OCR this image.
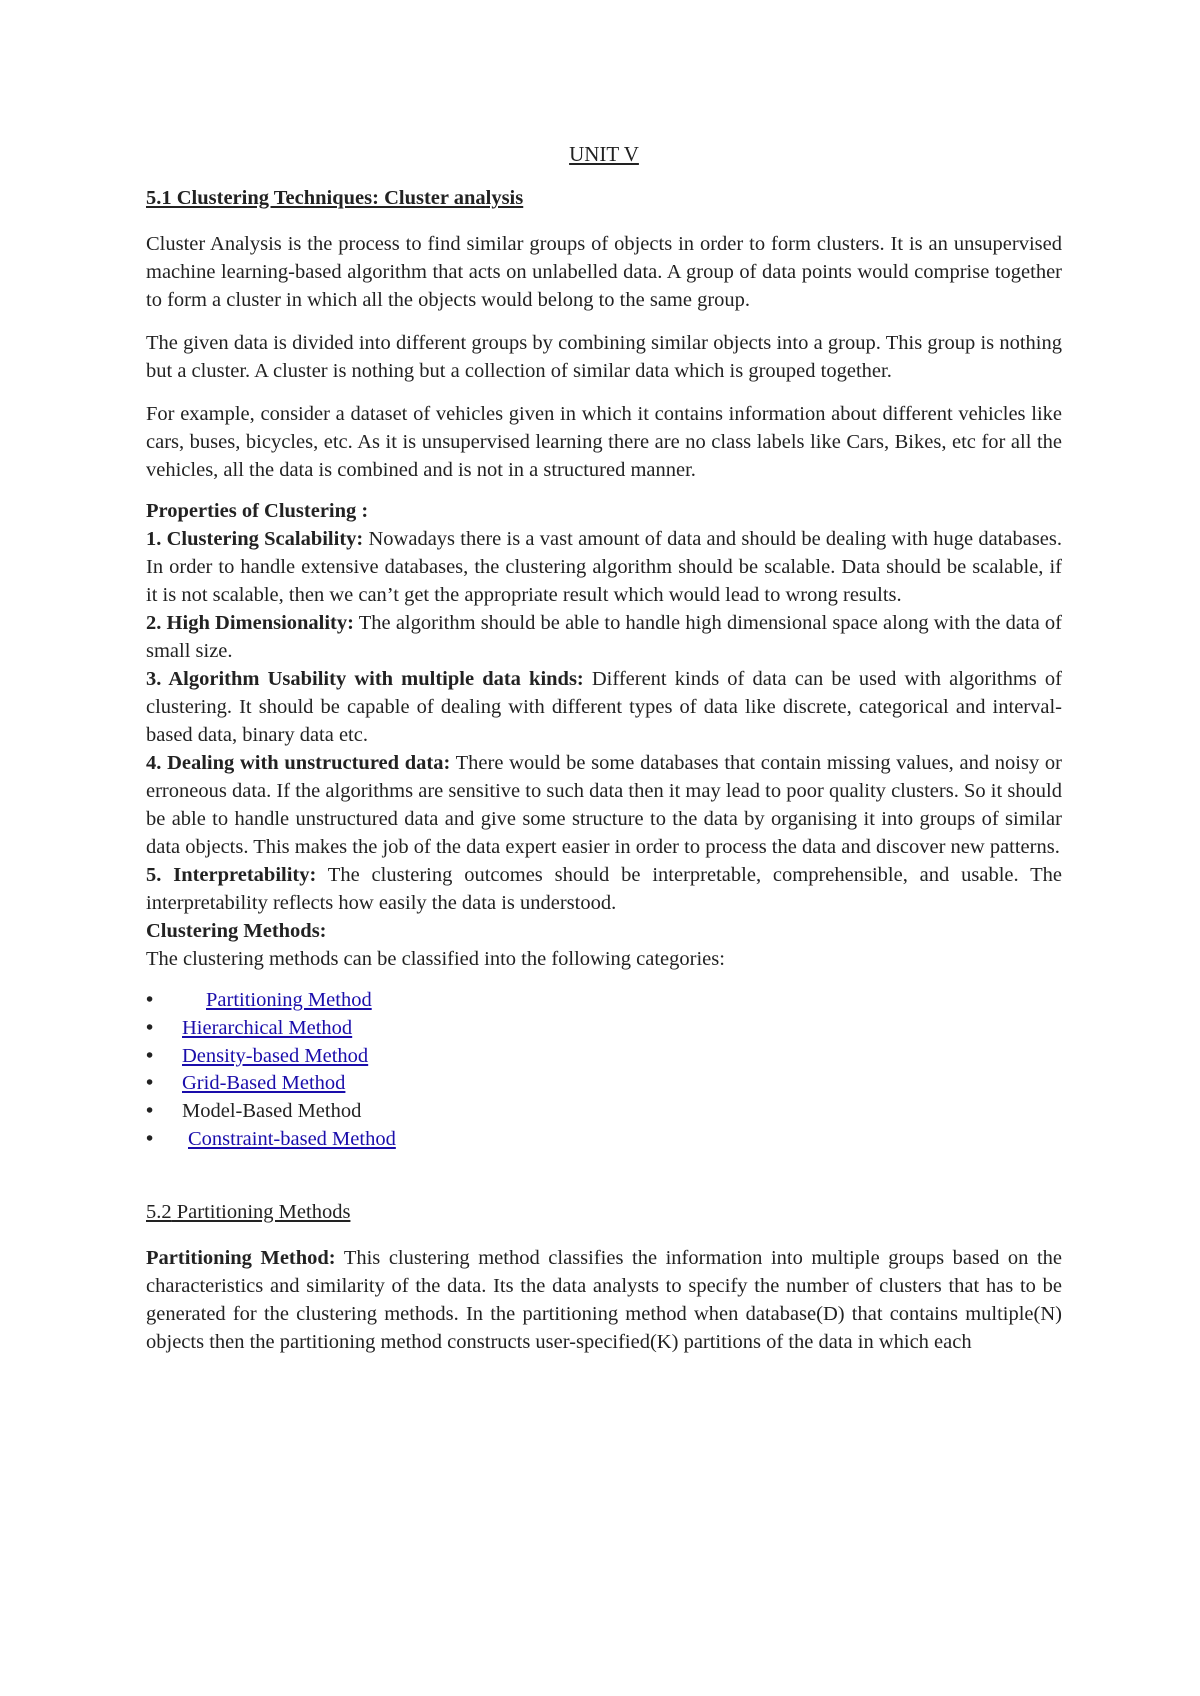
UNIT V
5.1 Clustering Techniques: Cluster analysis

Cluster Analysis is the process to find similar groups of objects in order to form clusters. It is an unsupervised machine learning-based algorithm that acts on unlabelled data. A group of data points would comprise together to form a cluster in which all the objects would belong to the same group.

The given data is divided into different groups by combining similar objects into a group. This group is nothing but a cluster. A cluster is nothing but a collection of similar data which is grouped together.

For example, consider a dataset of vehicles given in which it contains information about different vehicles like cars, buses, bicycles, etc. As it is unsupervised learning there are no class labels like Cars, Bikes, etc for all the vehicles, all the data is combined and is not in a structured manner.

Properties of Clustering :

1. Clustering Scalability: Nowadays there is a vast amount of data and should be dealing with huge databases. In order to handle extensive databases, the clustering algorithm should be scalable. Data should be scalable, if it is not scalable, then we can’t get the appropriate result which would lead to wrong results.

2. High Dimensionality: The algorithm should be able to handle high dimensional space along with the data of small size.

3. Algorithm Usability with multiple data kinds: Different kinds of data can be used with algorithms of clustering. It should be capable of dealing with different types of data like discrete, categorical and interval-based data, binary data etc.

4. Dealing with unstructured data: There would be some databases that contain missing values, and noisy or erroneous data. If the algorithms are sensitive to such data then it may lead to poor quality clusters. So it should be able to handle unstructured data and give some structure to the data by organising it into groups of similar data objects. This makes the job of the data expert easier in order to process the data and discover new patterns.

5. Interpretability: The clustering outcomes should be interpretable, comprehensible, and usable. The interpretability reflects how easily the data is understood.

Clustering Methods:
The clustering methods can be classified into the following categories:
•	Partitioning Method
• Hierarchical Method
• Density-based Method
• Grid-Based Method
• Model-Based Method
• Constraint-based Method
5.2 Partitioning Methods

Partitioning Method: This clustering method classifies the information into multiple groups based on the characteristics and similarity of the data. Its the data analysts to specify the number of clusters that has to be generated for the clustering methods. In the partitioning method when database(D) that contains multiple(N) objects then the partitioning method constructs user-specified(K) partitions of the data in which each
